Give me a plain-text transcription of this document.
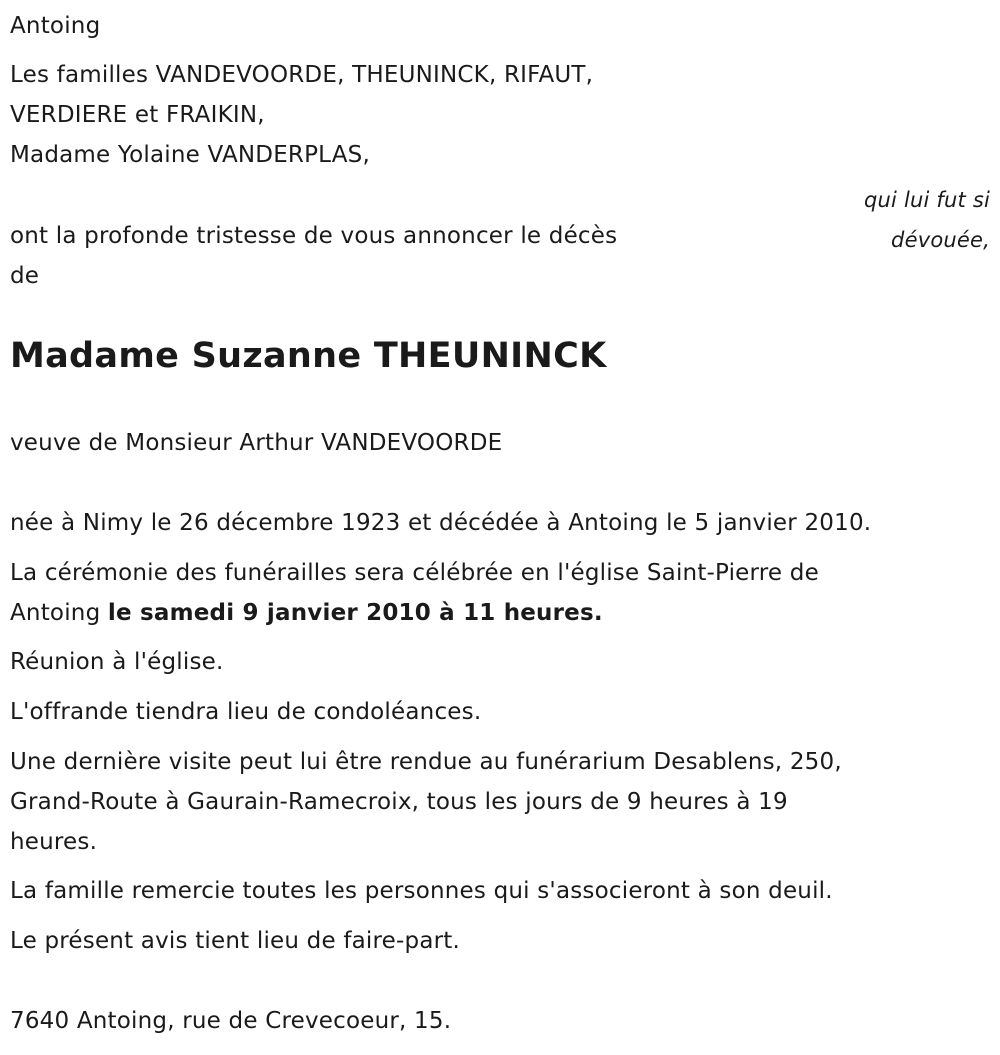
Antoing

Les familles VANDEVOORDE, THEUNINCK, RIFAUT,

VERDIERE et FRAIKIN,

Madame Yolaine VANDERPLAS,

qui lui fut si

dévouée,

ont la profonde tristesse de vous annoncer le décès

de

Madame Suzanne THEUNINCK

veuve de Monsieur Arthur VANDEVOORDE

née à Nimy le 26 décembre 1923 et décédée à Antoing le 5 janvier 2010.

La cérémonie des funérailles sera célébrée en l'église Saint-Pierre de

Antoing le samedi 9 janvier 2010 à 11 heures.

Réunion à l'église.

L'offrande tiendra lieu de condoléances.

Une dernière visite peut lui être rendue au funérarium Desablens, 250,

Grand-Route à Gaurain-Ramecroix, tous les jours de 9 heures à 19

heures.

La famille remercie toutes les personnes qui s'associeront à son deuil.

Le présent avis tient lieu de faire-part.

7640 Antoing, rue de Crevecoeur, 15.
